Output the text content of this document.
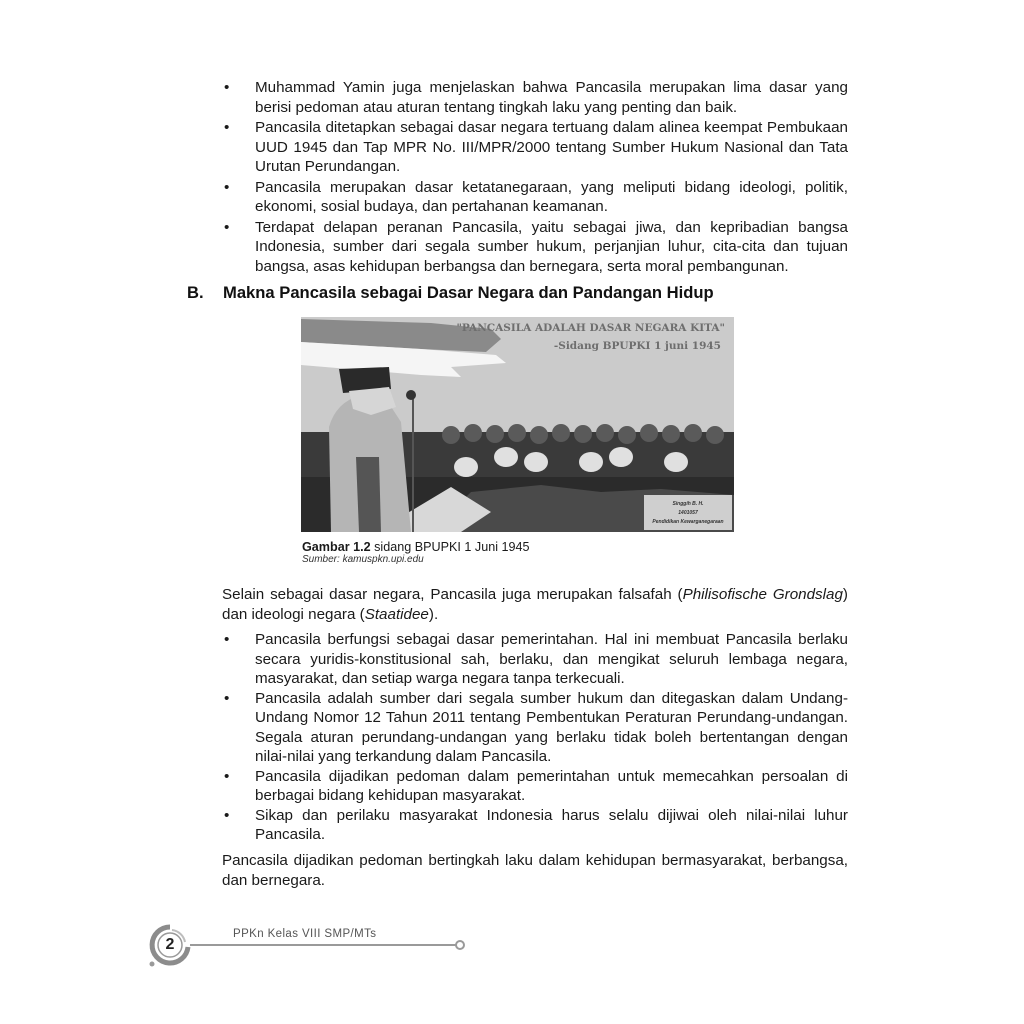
•	Muhammad Yamin juga menjelaskan bahwa Pancasila merupakan lima dasar yang berisi pedoman atau aturan tentang tingkah laku yang penting dan baik.
•	Pancasila ditetapkan sebagai dasar negara tertuang dalam alinea keempat Pembukaan UUD 1945 dan Tap MPR No. III/MPR/2000 tentang Sumber Hukum Nasional dan Tata Urutan Perundangan.
•	Pancasila merupakan dasar ketatanegaraan, yang meliputi bidang ideologi, politik, ekonomi, sosial budaya, dan pertahanan keamanan.
•	Terdapat delapan peranan Pancasila, yaitu sebagai jiwa, dan kepribadian bangsa Indonesia, sumber dari segala sumber hukum, perjanjian luhur, cita-cita dan tujuan bangsa, asas kehidupan berbangsa dan bernegara, serta moral pembangunan.
B. Makna Pancasila sebagai Dasar Negara dan Pandangan Hidup
"PANCASILA ADALAH DASAR NEGARA KITA"
-Sidang BPUPKI 1 juni 1945
Singgih B. H.
1401057
Pendidikan Kewarganegaraan
Gambar 1.2 sidang BPUPKI 1 Juni 1945
Sumber: kamuspkn.upi.edu
Selain sebagai dasar negara, Pancasila juga merupakan falsafah (Philisofische Grondslag) dan ideologi negara (Staatidee).
•	Pancasila berfungsi sebagai dasar pemerintahan. Hal ini membuat Pancasila berlaku secara yuridis-konstitusional sah, berlaku, dan mengikat seluruh lembaga negara, masyarakat, dan setiap warga negara tanpa terkecuali.
•	Pancasila adalah sumber dari segala sumber hukum dan ditegaskan dalam Undang-Undang Nomor 12 Tahun 2011 tentang Pembentukan Peraturan Perundang-undangan. Segala aturan perundang-undangan yang berlaku tidak boleh bertentangan dengan nilai-nilai yang terkandung dalam Pancasila.
•	Pancasila dijadikan pedoman dalam pemerintahan untuk memecahkan persoalan di berbagai bidang kehidupan masyarakat.
•	Sikap dan perilaku masyarakat Indonesia harus selalu dijiwai oleh nilai-nilai luhur Pancasila.
Pancasila dijadikan pedoman bertingkah laku dalam kehidupan bermasyarakat, berbangsa, dan bernegara.
2
PPKn Kelas VIII SMP/MTs
